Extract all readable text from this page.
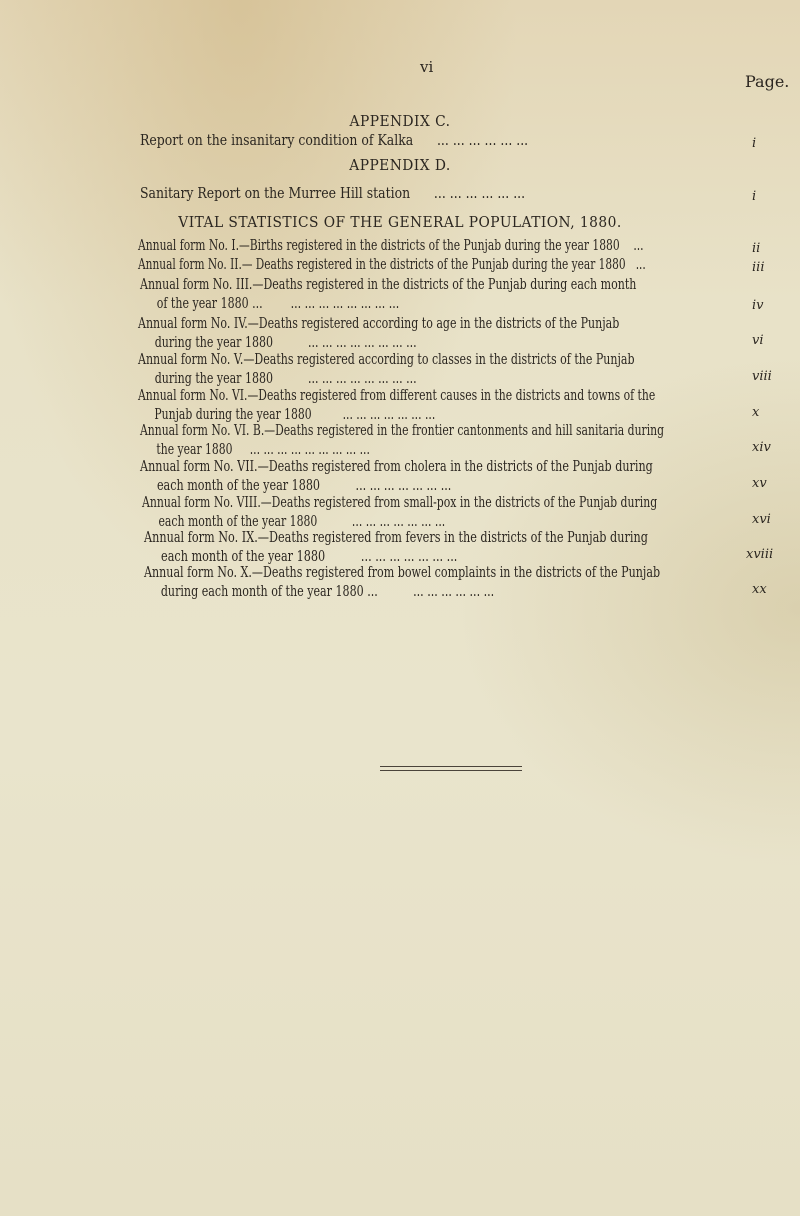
vi
Page.
APPENDIX C.
Report on the insanitary condition of Kalka ... ... ... ... ... ...	i
APPENDIX D.
Sanitary Report on the Murree Hill station ... ... ... ... ... ...	i
VITAL STATISTICS OF THE GENERAL POPULATION, 1880.
Annual form No. I.—Births registered in the districts of the Punjab during the year 1880 ...	ii
Annual form No. II.— Deaths registered in the districts of the Punjab during the year 1880 ...	iii
Annual form No. III.—Deaths registered in the districts of the Punjab during each month
of the year 1880 ... ... ... ... ... ... ... ... ...	iv
Annual form No. IV.—Deaths registered according to age in the districts of the Punjab
during the year 1880 ... ... ... ... ... ... ... ...	vi
Annual form No. V.—Deaths registered according to classes in the districts of the Punjab
during the year 1880 ... ... ... ... ... ... ... ...	viii
Annual form No. VI.—Deaths registered from different causes in the districts and towns of the
Punjab during the year 1880 ... ... ... ... ... ... ...	x
Annual form No. VI. B.—Deaths registered in the frontier cantonments and hill sanitaria during
the year 1880 ... ... ... ... ... ... ... ... ...	xiv
Annual form No. VII.—Deaths registered from cholera in the districts of the Punjab during
each month of the year 1880 ... ... ... ... ... ... ...	xv
Annual form No. VIII.—Deaths registered from small-pox in the districts of the Punjab during
each month of the year 1880 ... ... ... ... ... ... ...	xvi
Annual form No. IX.—Deaths registered from fevers in the districts of the Punjab during
each month of the year 1880 ... ... ... ... ... ... ...	xviii
Annual form No. X.—Deaths registered from bowel complaints in the districts of the Punjab
during each month of the year 1880 ... ... ... ... ... ... ...	xx
